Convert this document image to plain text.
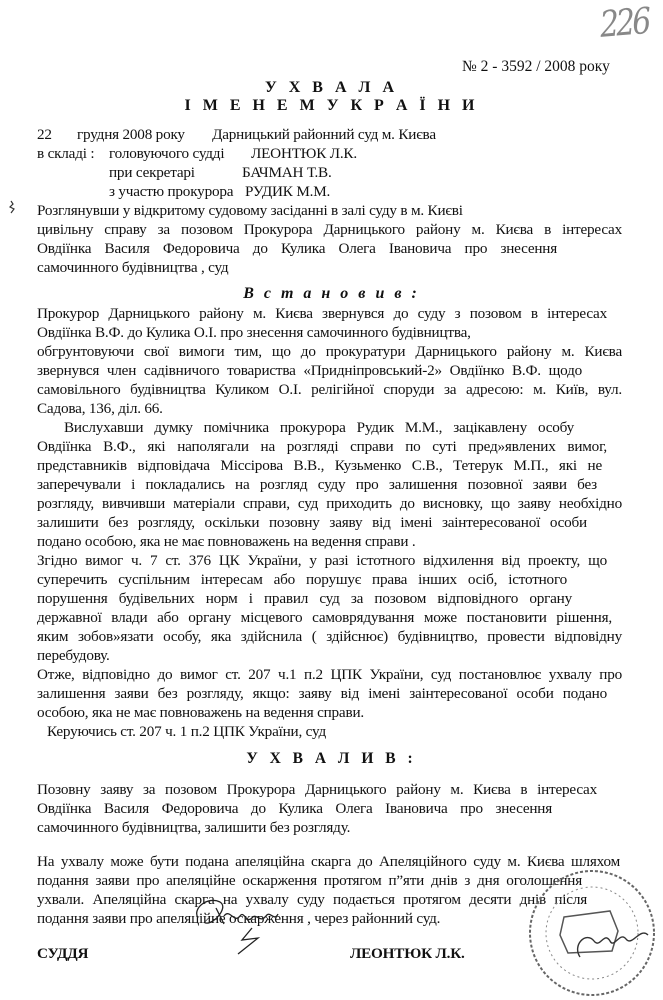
226
№ 2 - 3592 / 2008 року
У Х В А Л А
І М Е Н Е М У К Р А Ї Н И
22 грудня 2008 року Дарницький районний суд м. Києва
в складі : головуючого судді ЛЕОНТЮК Л.К.
при секретарі	БАЧМАН Т.В.
з участю прокурора РУДИК М.М.
Розглянувши у відкритому судовому засіданні в залі суду в м. Києві
цивільну справу за позовом Прокурора Дарницького району м. Києва в інтересах
Овдіїнка Василя Федоровича до Кулика Олега Івановича про знесення
самочинного будівництва , суд
В с т а н о в и в :
Прокурор Дарницького району м. Києва звернувся до суду з позовом в інтересах
Овдіїнка В.Ф. до Кулика О.І. про знесення самочинного будівництва,
обгрунтовуючи свої вимоги тим, що до прокуратури Дарницького району м. Києва
звернувся член садівничого товариства «Придніпровський-2» Овдіїнко В.Ф. щодо
самовільного будівництва Куликом О.І. релігійної споруди за адресою: м. Київ, вул.
Садова, 136, діл. 66.
Вислухавши думку помічника прокурора Рудик М.М., зацікавлену особу
Овдіїнка В.Ф., які наполягали на розгляді справи по суті пред»явлених вимог,
представників відповідача Міссірова В.В., Кузьменко С.В., Тетерук М.П., які не
заперечували і покладались на розгляд суду про залишення позовної заяви без
розгляду, вивчивши матеріали справи, суд приходить до висновку, що заяву необхідно
залишити без розгляду, оскільки позовну заяву від імені заінтересованої особи
подано особою, яка не має повноважень на ведення справи .
Згідно вимог ч. 7 ст. 376 ЦК України, у разі істотного відхилення від проекту, що
суперечить суспільним інтересам або порушує права інших осіб, істотного
порушення будівельних норм і правил суд за позовом відповідного органу
державної влади або органу місцевого самоврядування може постановити рішення,
яким зобов»язати особу, яка здійснила ( здійснює) будівництво, провести відповідну
перебудову.
Отже, відповідно до вимог ст. 207 ч.1 п.2 ЦПК України, суд постановлює ухвалу про
залишення заяви без розгляду, якщо: заяву від імені заінтересованої особи подано
особою, яка не має повноважень на ведення справи.
Керуючись ст. 207 ч. 1 п.2 ЦПК України, суд
У Х В А Л И В :
Позовну заяву за позовом Прокурора Дарницького району м. Києва в інтересах
Овдіїнка Василя Федоровича до Кулика Олега Івановича про знесення
самочинного будівництва, залишити без розгляду.
На ухвалу може бути подана апеляційна скарга до Апеляційного суду м. Києва шляхом
подання заяви про апеляційне оскарження протягом п”яти днів з дня оголошення
ухвали. Апеляційна скарга на ухвалу суду подається протягом десяти днів після
подання заяви про апеляційне оскарження , через районний суд.
СУДДЯ	ЛЕОНТЮК Л.К.
